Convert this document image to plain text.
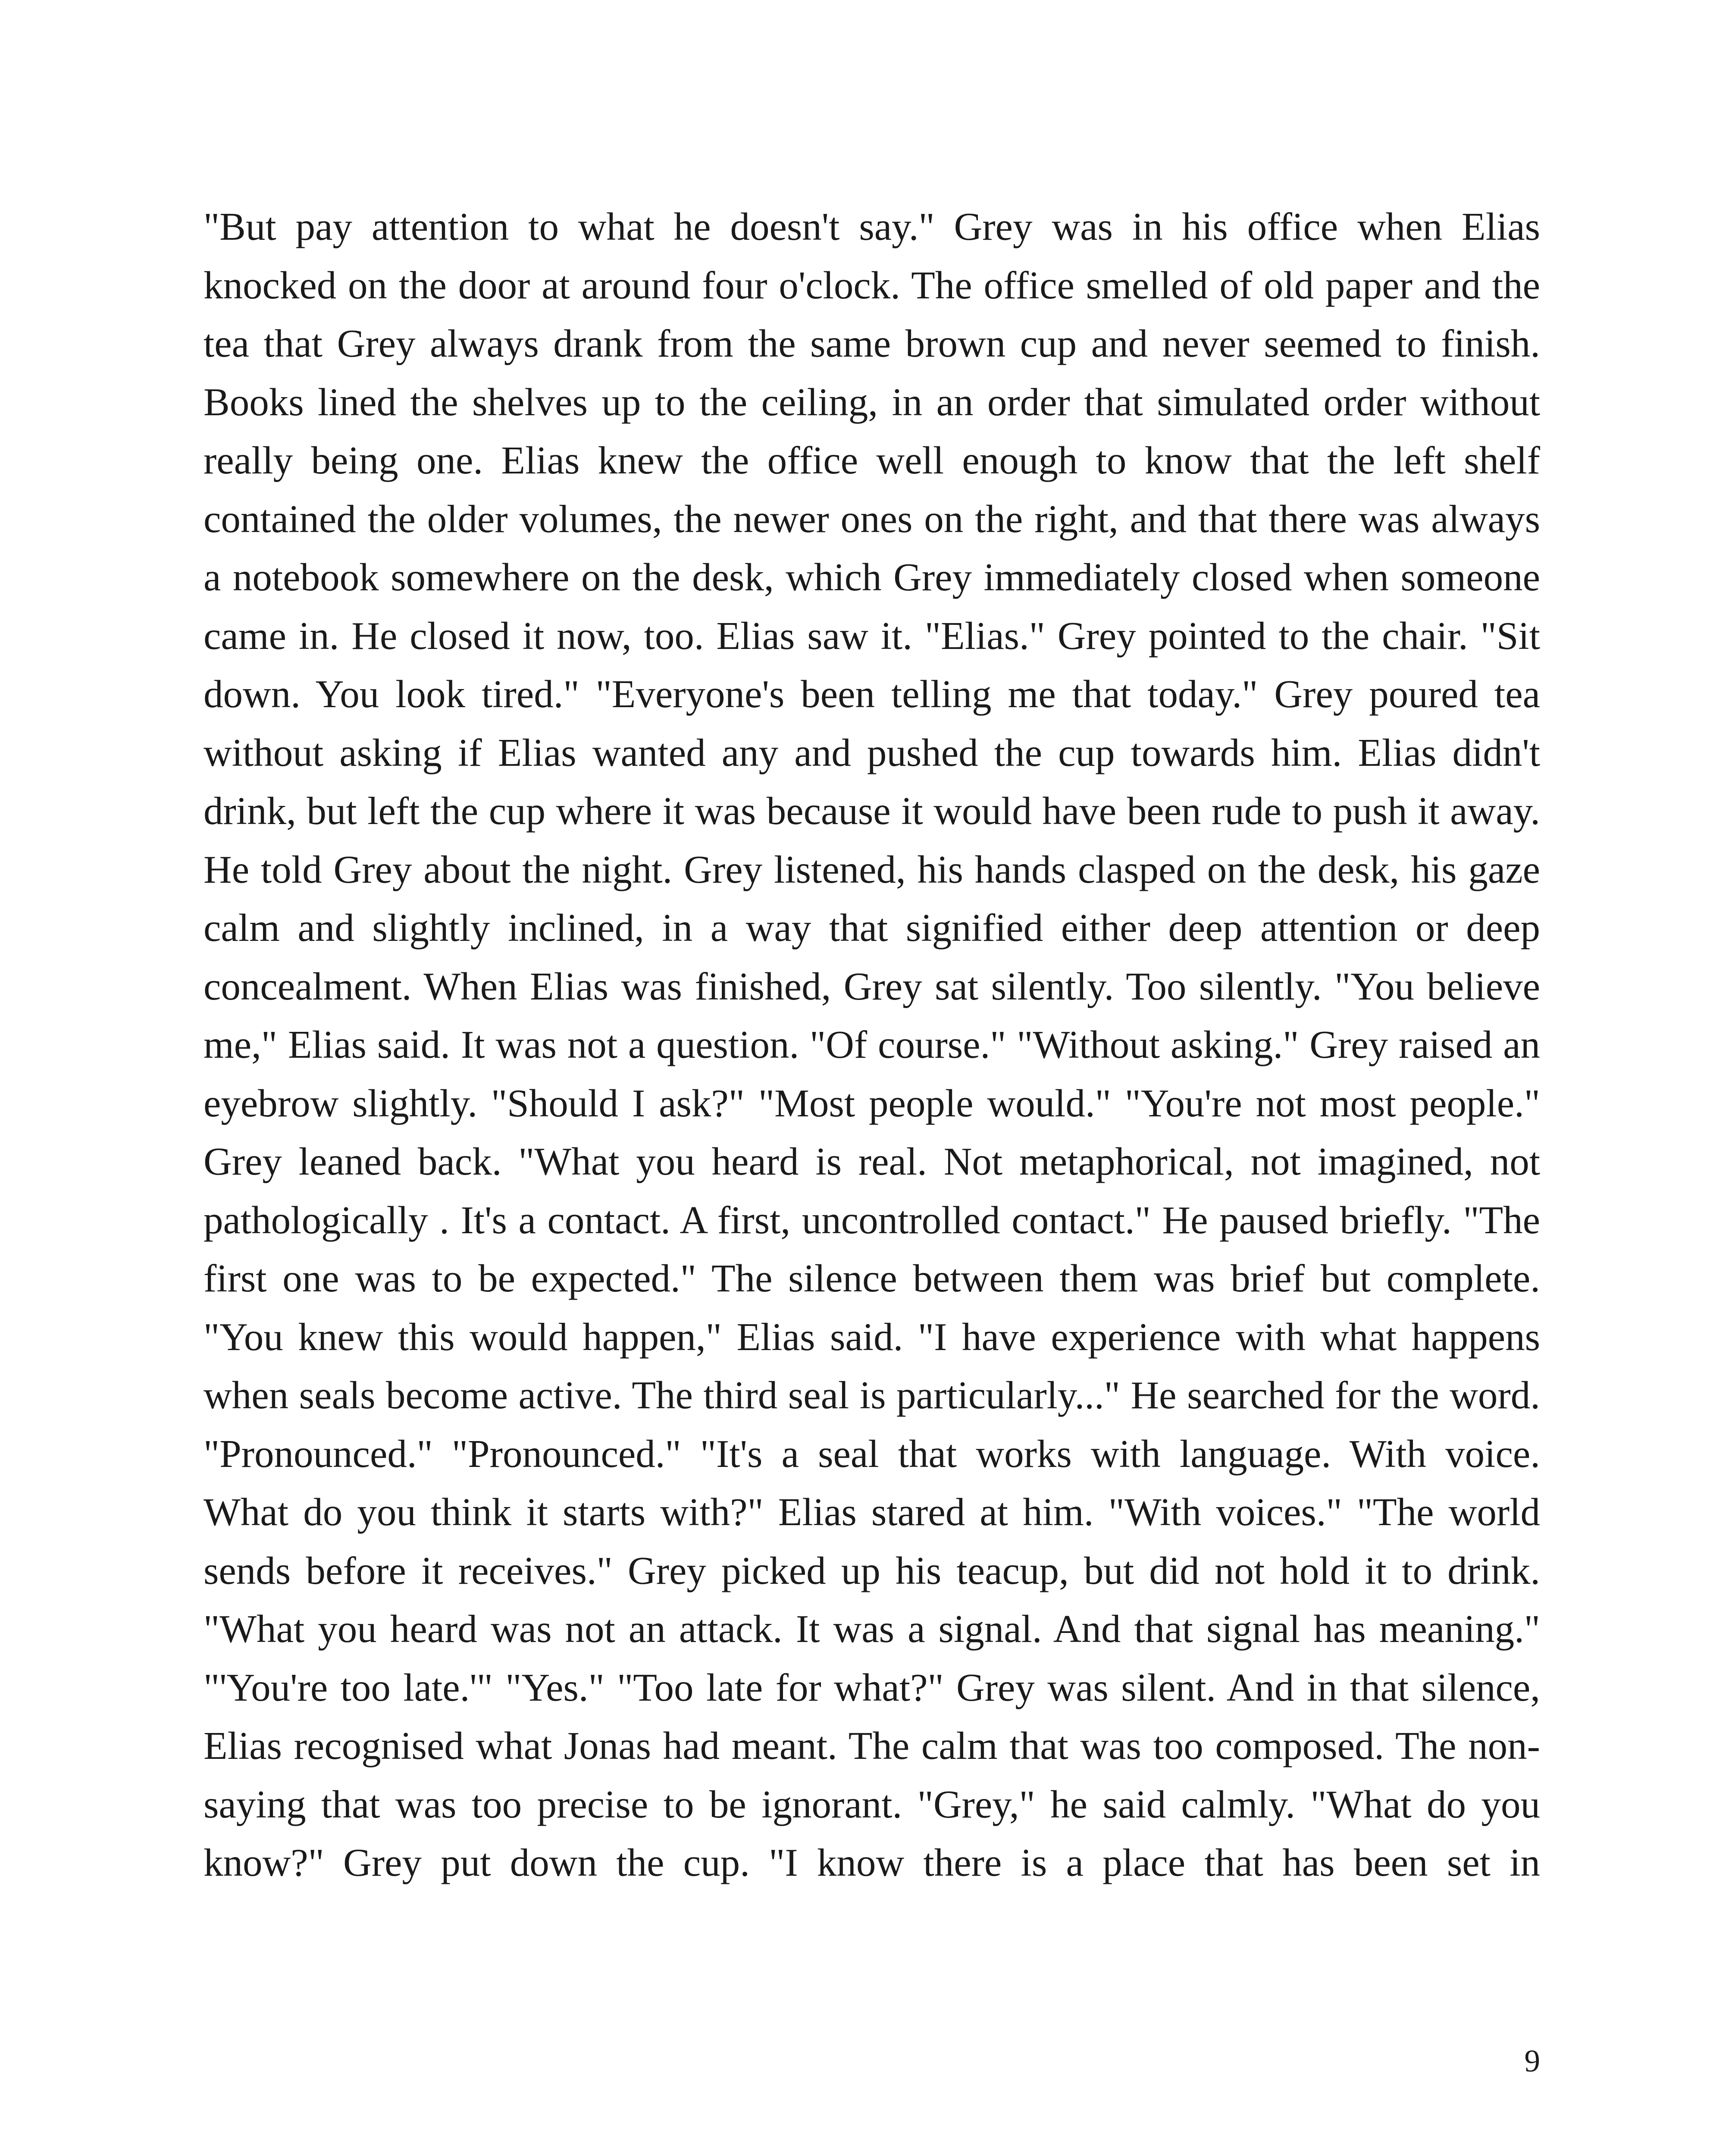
"But pay attention to what he doesn't say." Grey was in his office when Elias knocked on the door at around four o'clock. The office smelled of old paper and the tea that Grey always drank from the same brown cup and never seemed to finish. Books lined the shelves up to the ceiling, in an order that simulated order without really being one. Elias knew the office well enough to know that the left shelf contained the older volumes, the newer ones on the right, and that there was always a notebook somewhere on the desk, which Grey immediately closed when someone came in. He closed it now, too. Elias saw it. "Elias." Grey pointed to the chair. "Sit down. You look tired." "Everyone's been telling me that today." Grey poured tea without asking if Elias wanted any and pushed the cup towards him. Elias didn't drink, but left the cup where it was because it would have been rude to push it away. He told Grey about the night. Grey listened, his hands clasped on the desk, his gaze calm and slightly inclined, in a way that signified either deep attention or deep concealment. When Elias was finished, Grey sat silently. Too silently. "You believe me," Elias said. It was not a question. "Of course." "Without asking." Grey raised an eyebrow slightly. "Should I ask?" "Most people would." "You're not most people." Grey leaned back. "What you heard is real. Not metaphorical, not imagined, not pathologically . It's a contact. A first, uncontrolled contact." He paused briefly. "The first one was to be expected." The silence between them was brief but complete. "You knew this would happen," Elias said. "I have experience with what happens when seals become active. The third seal is particularly..." He searched for the word. "Pronounced." "Pronounced." "It's a seal that works with language. With voice. What do you think it starts with?" Elias stared at him. "With voices." "The world sends before it receives." Grey picked up his teacup, but did not hold it to drink. "What you heard was not an attack. It was a signal. And that signal has meaning." "'You're too late.'" "Yes." "Too late for what?" Grey was silent. And in that silence, Elias recognised what Jonas had meant. The calm that was too composed. The non-saying that was too precise to be ignorant. "Grey," he said calmly. "What do you know?" Grey put down the cup. "I know there is a place that has been set in

9
